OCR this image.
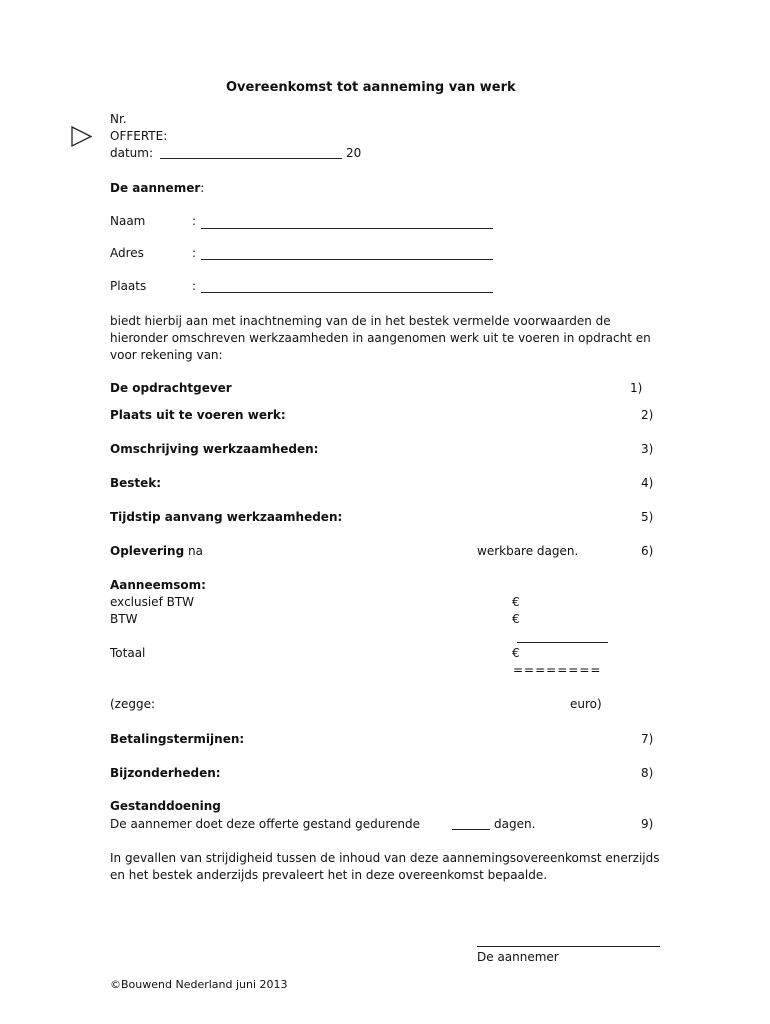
Overeenkomst tot aanneming van werk
Nr.
OFFERTE:
datum:	20
De aannemer:
Naam	:
Adres	:
Plaats	:
biedt hierbij aan met inachtneming van de in het bestek vermelde voorwaarden de hieronder omschreven werkzaamheden in aangenomen werk uit te voeren in opdracht en voor rekening van:
De opdrachtgever	1)
Plaats uit te voeren werk:	2)
Omschrijving werkzaamheden:	3)
Bestek:	4)
Tijdstip aanvang werkzaamheden:	5)
Oplevering na	werkbare dagen.	6)
Aanneemsom:
exclusief BTW	€
BTW	€
Totaal	€
========
(zegge:	euro)
Betalingstermijnen:	7)
Bijzonderheden:	8)
Gestanddoening
De aannemer doet deze offerte gestand gedurende	dagen.	9)
In gevallen van strijdigheid tussen de inhoud van deze aannemingsovereenkomst enerzijds en het bestek anderzijds prevaleert het in deze overeenkomst bepaalde.
De aannemer
©Bouwend Nederland juni 2013
